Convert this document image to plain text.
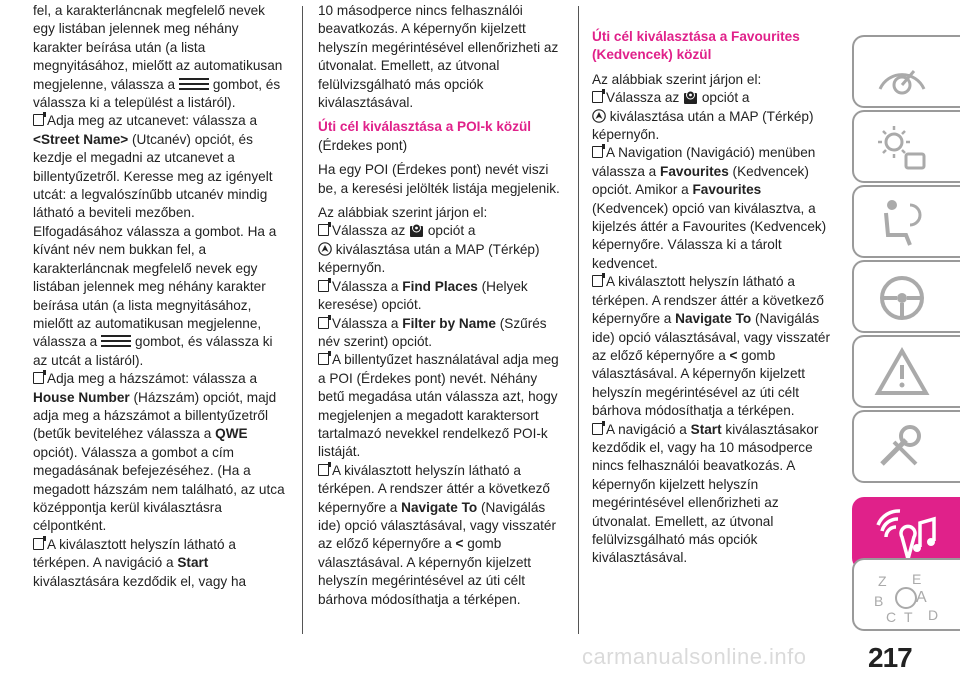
fel, a karakterláncnak megfelelő nevek egy listában jelennek meg néhány karakter beírása után (a lista megnyitásához, mielőtt az automatikusan megjelenne, válassza a	gombot, és válassza ki a települést a listáról).

Adja meg az utcanevet: válassza a <Street Name> (Utcanév) opciót, és kezdje el megadni az utcanevet a billentyűzetről. Keresse meg az igényelt utcát: a legvalószínűbb utcanév mindig látható a beviteli mezőben. Elfogadásához válassza a gombot. Ha a kívánt név nem bukkan fel, a karakterláncnak megfelelő nevek egy listában jelennek meg néhány karakter beírása után (a lista megnyitásához, mielőtt az automatikusan megjelenne, válassza a	gombot, és válassza ki az utcát a listáról).

Adja meg a házszámot: válassza a House Number (Házszám) opciót, majd adja meg a házszámot a billentyűzetről (betűk beviteléhez válassza a QWE opciót). Válassza a gombot a cím megadásának befejezéséhez. (Ha a megadott házszám nem található, az utca középpontja kerül kiválasztásra célpontként.

A kiválasztott helyszín látható a térképen. A navigáció a Start kiválasztására kezdődik el, vagy ha

10 másodperce nincs felhasználói beavatkozás. A képernyőn kijelzett helyszín megérintésével ellenőrizheti az útvonalat. Emellett, az útvonal felülvizsgálható más opciók kiválasztásával.

Úti cél kiválasztása a POI-k közül

(Érdekes pont)

Ha egy POI (Érdekes pont) nevét viszi be, a keresési jelölték listája megjelenik.

Az alábbiak szerint járjon el:

Válassza az opciót a
kiválasztása után a MAP (Térkép) képernyőn.

Válassza a Find Places (Helyek keresése) opciót.

Válassza a Filter by Name (Szűrés név szerint) opciót.

A billentyűzet használatával adja meg a POI (Érdekes pont) nevét. Néhány betű megadása után válassza azt, hogy megjelenjen a megadott karaktersort tartalmazó nevekkel rendelkező POI-k listáját.

A kiválasztott helyszín látható a térképen. A rendszer áttér a következő képernyőre a Navigate To (Navigálás ide) opció választásával, vagy visszatér az előző képernyőre a < gomb választásával. A képernyőn kijelzett helyszín megérintésével az úti célt bárhova módosíthatja a térképen.

Úti cél kiválasztása a Favourites (Kedvencek) közül

Az alábbiak szerint járjon el:

Válassza az opciót a
kiválasztása után a MAP (Térkép) képernyőn.

A Navigation (Navigáció) menüben válassza a Favourites (Kedvencek) opciót. Amikor a Favourites (Kedvencek) opció van kiválasztva, a kijelzés áttér a Favourites (Kedvencek) képernyőre. Válassza ki a tárolt kedvencet.

A kiválasztott helyszín látható a térképen. A rendszer áttér a következő képernyőre a Navigate To (Navigálás ide) opció választásával, vagy visszatér az előző képernyőre a < gomb választásával. A képernyőn kijelzett helyszín megérintésével az úti célt bárhova módosíthatja a térképen.

A navigáció a Start kiválasztásakor kezdődik el, vagy ha 10 másodperce nincs felhasználói beavatkozás. A képernyőn kijelzett helyszín megérintésével ellenőrizheti az útvonalat. Emellett, az útvonal felülvizsgálható más opciók kiválasztásával.

Z E
B A
C T D
carmanualsonline.info 217
